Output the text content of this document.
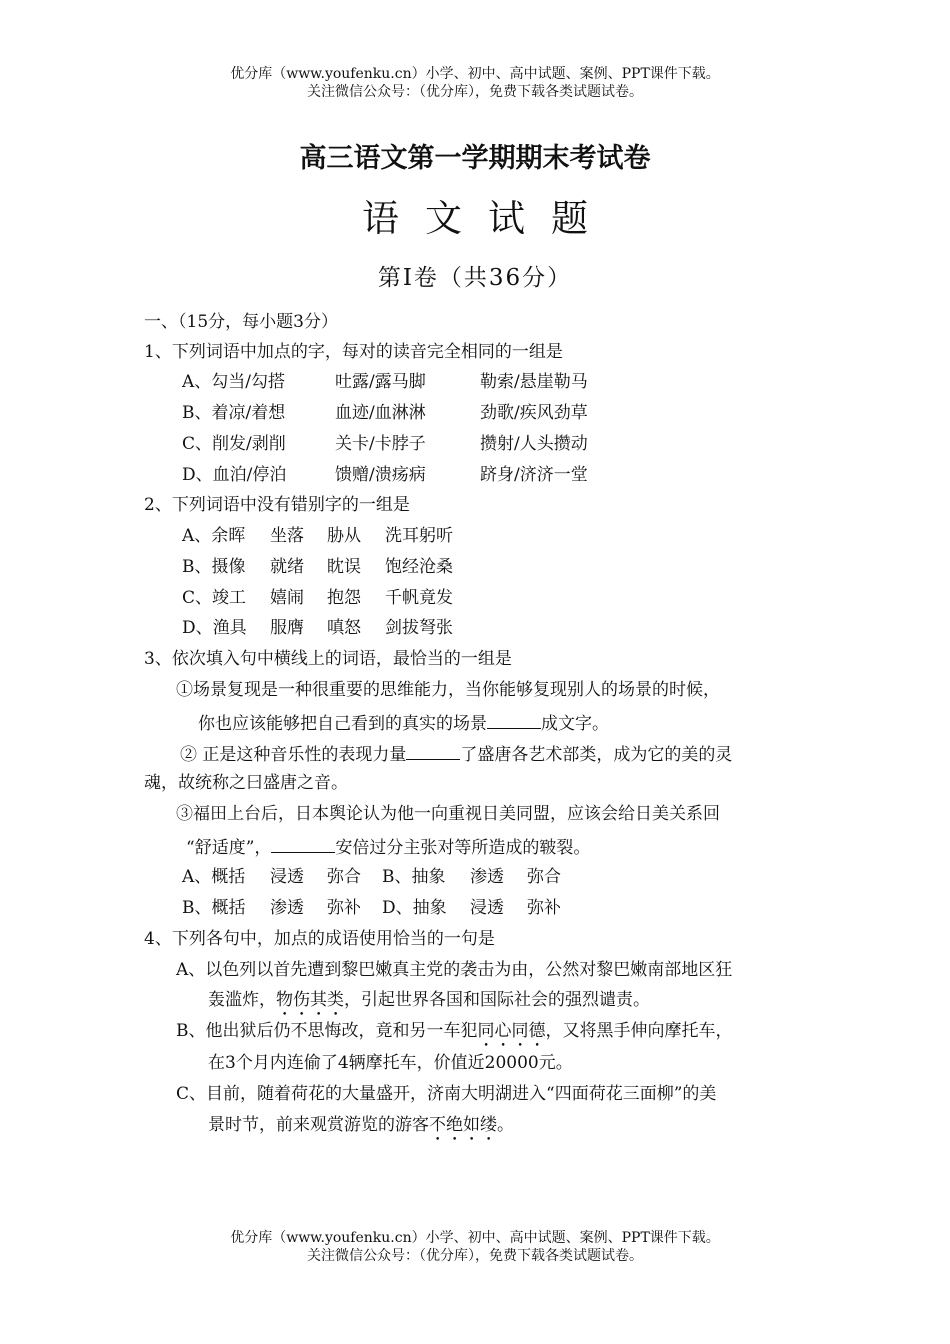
优分库（www.youfenku.cn）小学、初中、高中试题、案例、PPT课件下载。
关注微信公众号：（优分库），免费下载各类试题试卷。
高三语文第一学期期末考试卷
语文试题
第Ⅰ卷（共36分）
一、（15分，每小题3分）
1、下列词语中加点的字，每对的读音完全相同的一组是
A、勾当/勾搭	吐露/露马脚	勒索/悬崖勒马
B、着凉/着想	血迹/血淋淋	劲歌/疾风劲草
C、削发/剥削	关卡/卡脖子	攒射/人头攒动
D、血泊/停泊	馈赠/溃疡病	跻身/济济一堂
2、下列词语中没有错别字的一组是
A、余晖 坐落 胁从 洗耳躬听
B、摄像 就绪 眈误 饱经沧桑
C、竣工 嬉闹 抱怨 千帆竟发
D、渔具 服膺 嗔怒 剑拔弩张
3、依次填入句中横线上的词语，最恰当的一组是
①场景复现是一种很重要的思维能力，当你能够复现别人的场景的时候，
你也应该能够把自己看到的真实的场景	成文字。
② 正是这种音乐性的表现力量	了盛唐各艺术部类，成为它的美的灵
魂，故统称之曰盛唐之音。
③福田上台后，日本舆论认为他一向重视日美同盟，应该会给日美关系回
“舒适度”，	安倍过分主张对等所造成的皲裂。
A、概括 浸透 弥合 B、抽象 渗透 弥合
B、概括 渗透 弥补 D、抽象 浸透 弥补
4、下列各句中，加点的成语使用恰当的一句是
A、以色列以首先遭到黎巴嫩真主党的袭击为由，公然对黎巴嫩南部地区狂
轰滥炸，物伤其类，引起世界各国和国际社会的强烈谴责。
B、他出狱后仍不思悔改，竟和另一车犯同心同德，又将黑手伸向摩托车，
在3个月内连偷了4辆摩托车，价值近20000元。
C、目前，随着荷花的大量盛开，济南大明湖进入“四面荷花三面柳”的美
景时节，前来观赏游览的游客不绝如缕。
优分库（www.youfenku.cn）小学、初中、高中试题、案例、PPT课件下载。
关注微信公众号：（优分库），免费下载各类试题试卷。
